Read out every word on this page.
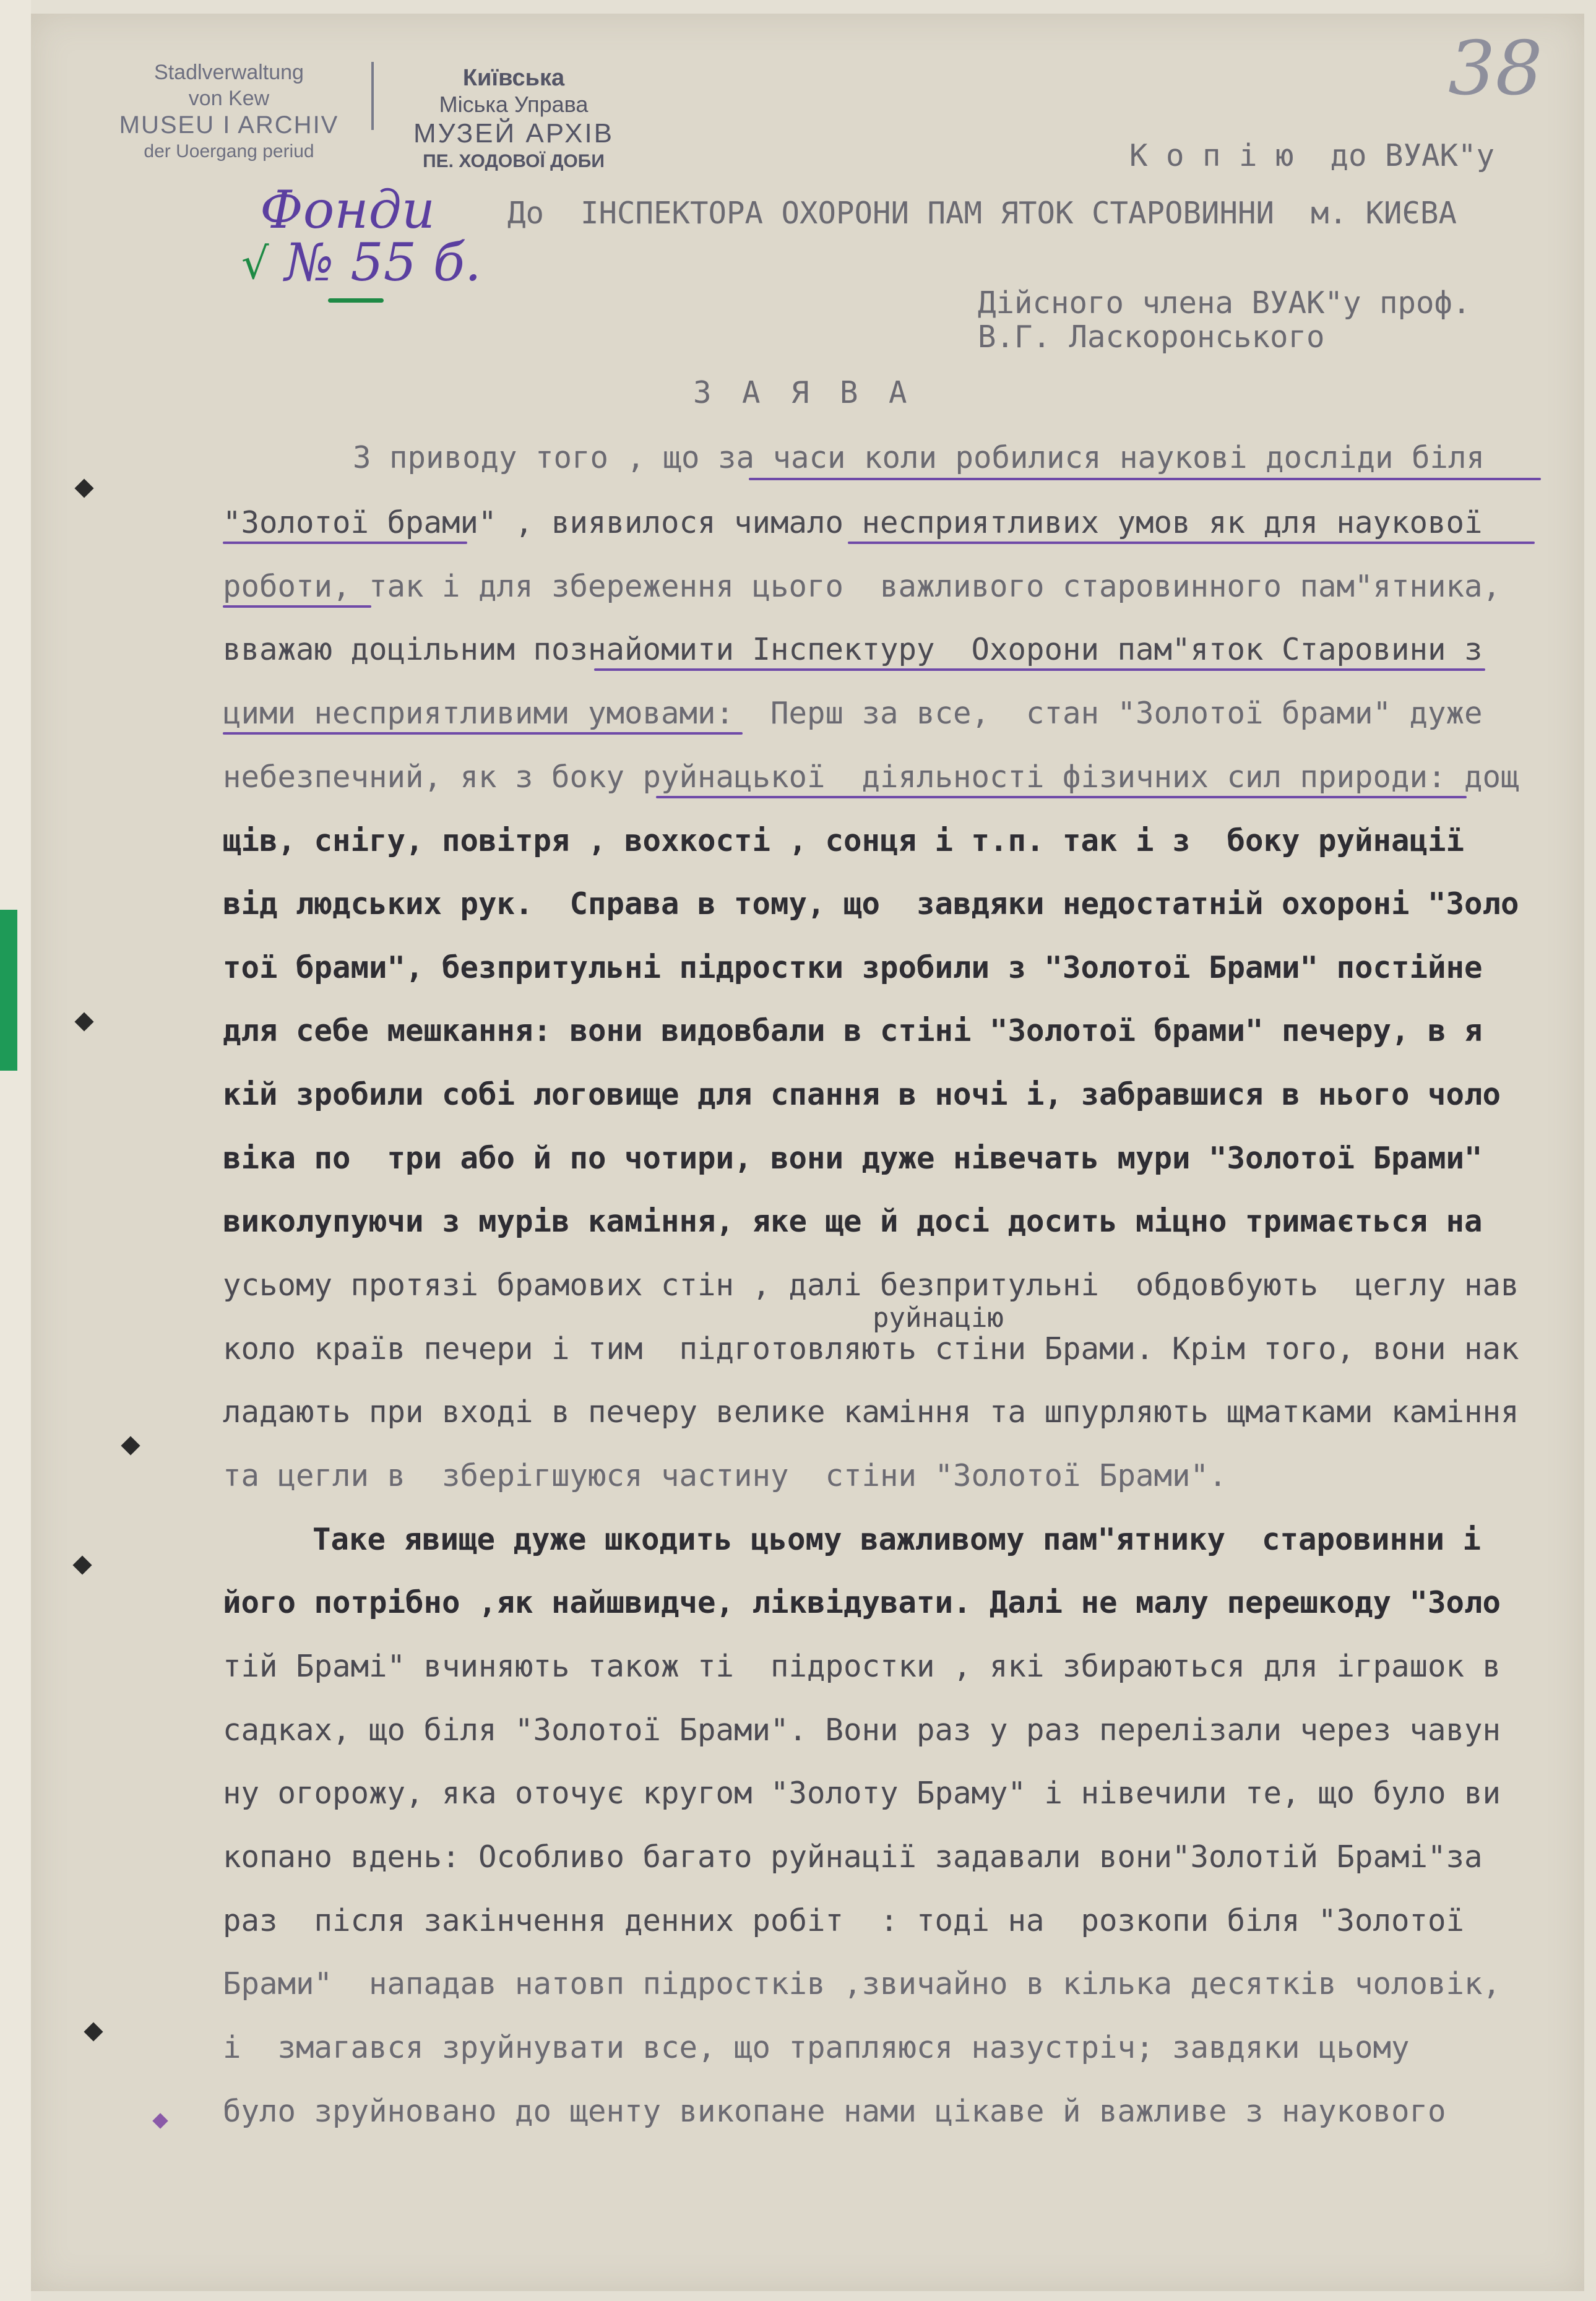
Stadlverwaltung
von Kew
MUSEU I ARCHIV
der Uoergang periud
Київська
Міська Управа
МУЗЕЙ АРХІВ
ПЕ. ХОДОВОЇ ДОБИ
Фонди
√ № 55 б.
38
К о п і ю  до ВУАК"у
До  ІНСПЕКТОРА ОХОРОНИ ПАМ ЯТОК СТАРОВИННИ  м. КИЄВА
Дійсного члена ВУАК"у проф.
В.Г. Ласкоронського
З А Я В А
З приводу того , що за часи коли робилися наукові досліди біля
"Золотої брами" , виявилося чимало несприятливих умов як для наукової
роботи, так і для збереження цього  важливого старовинного пам"ятника,
вважаю доцільним познайомити Інспектуру  Охорони пам"яток Старовини з
цими несприятливими умовами:  Перш за все,  стан "Золотої брами" дуже
небезпечний, як з боку руйнацької  діяльності фізичних сил природи: дощ
щів, снігу, повітря , вохкості , сонця і т.п. так і з  боку руйнації
від людських рук.  Справа в тому, що  завдяки недостатній охороні "Золо
тої брами", безпритульні підростки зробили з "Золотої Брами" постійне
для себе мешкання: вони видовбали в стіні "Золотої брами" печеру, в я
кій зробили собі логовище для спання в ночі і, забравшися в нього чоло
віка по  три або й по чотири, вони дуже нівечать мури "Золотої Брами"
виколупуючи з мурів каміння, яке ще й досі досить міцно тримається на
усьому протязі брамових стін , далі безпритульні  обдовбують  цеглу нав
руйнацію
коло країв печери і тим  підготовляють стіни Брами. Крім того, вони нак
ладають при вході в печеру велике каміння та шпурляють щматками каміння
та цегли в  зберігшуюся частину  стіни "Золотої Брами".
Таке явище дуже шкодить цьому важливому пам"ятнику  старовинни і
його потрібно ,як найшвидче, ліквідувати. Далі не малу перешкоду "Золо
тій Брамі" вчиняють також ті  підростки , які збираються для іграшок в
садках, що біля "Золотої Брами". Вони раз у раз перелізали через чавун
ну огорожу, яка оточує кругом "Золоту Браму" і нівечили те, що було ви
копано вдень: Особливо багато руйнації задавали вони"Золотій Брамі"за
раз  після закінчення денних робіт  : тоді на  розкопи біля "Золотої
Брами"  нападав натовп підростків ,звичайно в кілька десятків чоловік,
і  змагався зруйнувати все, що трапляюся назустріч; завдяки цьому
було зруйновано до щенту викопане нами цікаве й важливе з наукового
